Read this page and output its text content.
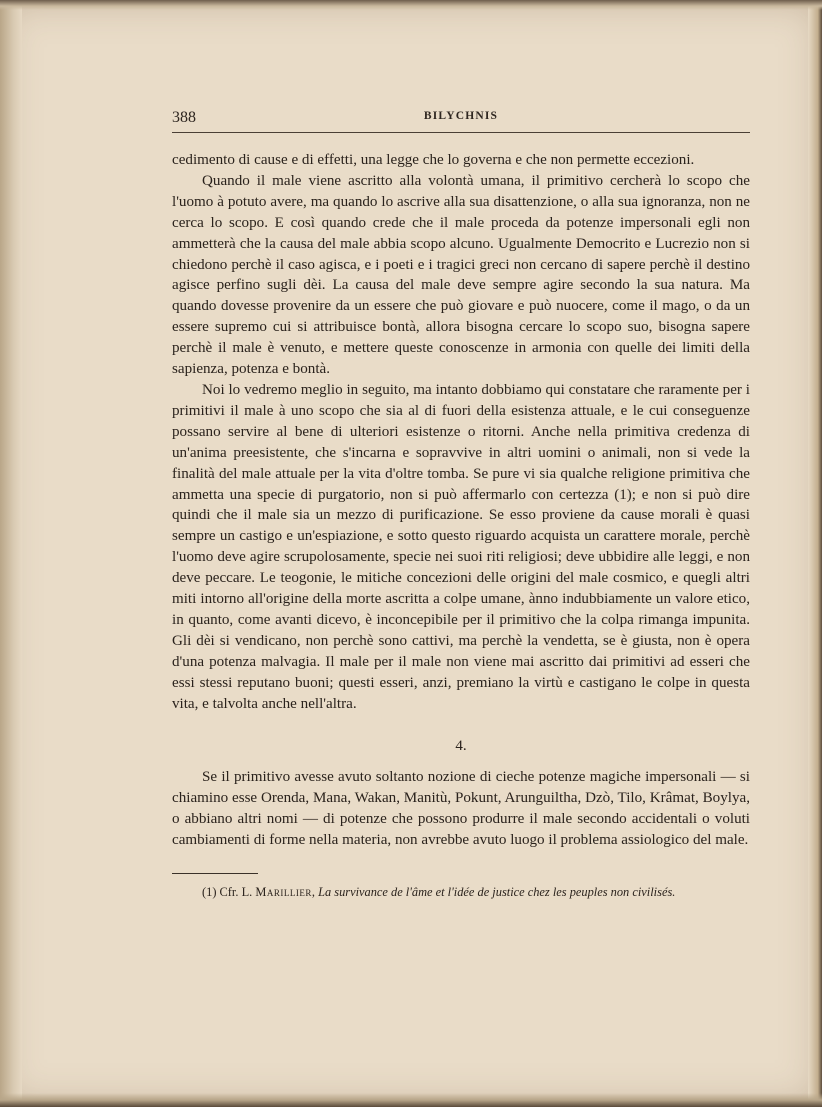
388	BILYCHNIS

cedimento di cause e di effetti, una legge che lo governa e che non permette eccezioni.

Quando il male viene ascritto alla volontà umana, il primitivo cercherà lo scopo che l'uomo à potuto avere, ma quando lo ascrive alla sua disattenzione, o alla sua ignoranza, non ne cerca lo scopo. E così quando crede che il male proceda da potenze impersonali egli non ammetterà che la causa del male abbia scopo alcuno. Ugualmente Democrito e Lucrezio non si chiedono perchè il caso agisca, e i poeti e i tragici greci non cercano di sapere perchè il destino agisce perfino sugli dèi. La causa del male deve sempre agire secondo la sua natura. Ma quando dovesse provenire da un essere che può giovare e può nuocere, come il mago, o da un essere supremo cui si attribuisce bontà, allora bisogna cercare lo scopo suo, bisogna sapere perchè il male è venuto, e mettere queste conoscenze in armonia con quelle dei limiti della sapienza, potenza e bontà.

Noi lo vedremo meglio in seguito, ma intanto dobbiamo qui constatare che raramente per i primitivi il male à uno scopo che sia al di fuori della esistenza attuale, e le cui conseguenze possano servire al bene di ulteriori esistenze o ritorni. Anche nella primitiva credenza di un'anima preesistente, che s'incarna e sopravvive in altri uomini o animali, non si vede la finalità del male attuale per la vita d'oltre tomba. Se pure vi sia qualche religione primitiva che ammetta una specie di purgatorio, non si può affermarlo con certezza (1); e non si può dire quindi che il male sia un mezzo di purificazione. Se esso proviene da cause morali è quasi sempre un castigo e un'espiazione, e sotto questo riguardo acquista un carattere morale, perchè l'uomo deve agire scrupolosamente, specie nei suoi riti religiosi; deve ubbidire alle leggi, e non deve peccare. Le teogonie, le mitiche concezioni delle origini del male cosmico, e quegli altri miti intorno all'origine della morte ascritta a colpe umane, ànno indubbiamente un valore etico, in quanto, come avanti dicevo, è inconcepibile per il primitivo che la colpa rimanga impunita. Gli dèi si vendicano, non perchè sono cattivi, ma perchè la vendetta, se è giusta, non è opera d'una potenza malvagia. Il male per il male non viene mai ascritto dai primitivi ad esseri che essi stessi reputano buoni; questi esseri, anzi, premiano la virtù e castigano le colpe in questa vita, e talvolta anche nell'altra.

4.

Se il primitivo avesse avuto soltanto nozione di cieche potenze magiche impersonali — si chiamino esse Orenda, Mana, Wakan, Manitù, Pokunt, Arunguiltha, Dzò, Tilo, Krâmat, Boylya, o abbiano altri nomi — di potenze che possono produrre il male secondo accidentali o voluti cambiamenti di forme nella materia, non avrebbe avuto luogo il problema assiologico del male.

(1) Cfr. L. Marillier, La survivance de l'âme et l'idée de justice chez les peuples non civilisés.
